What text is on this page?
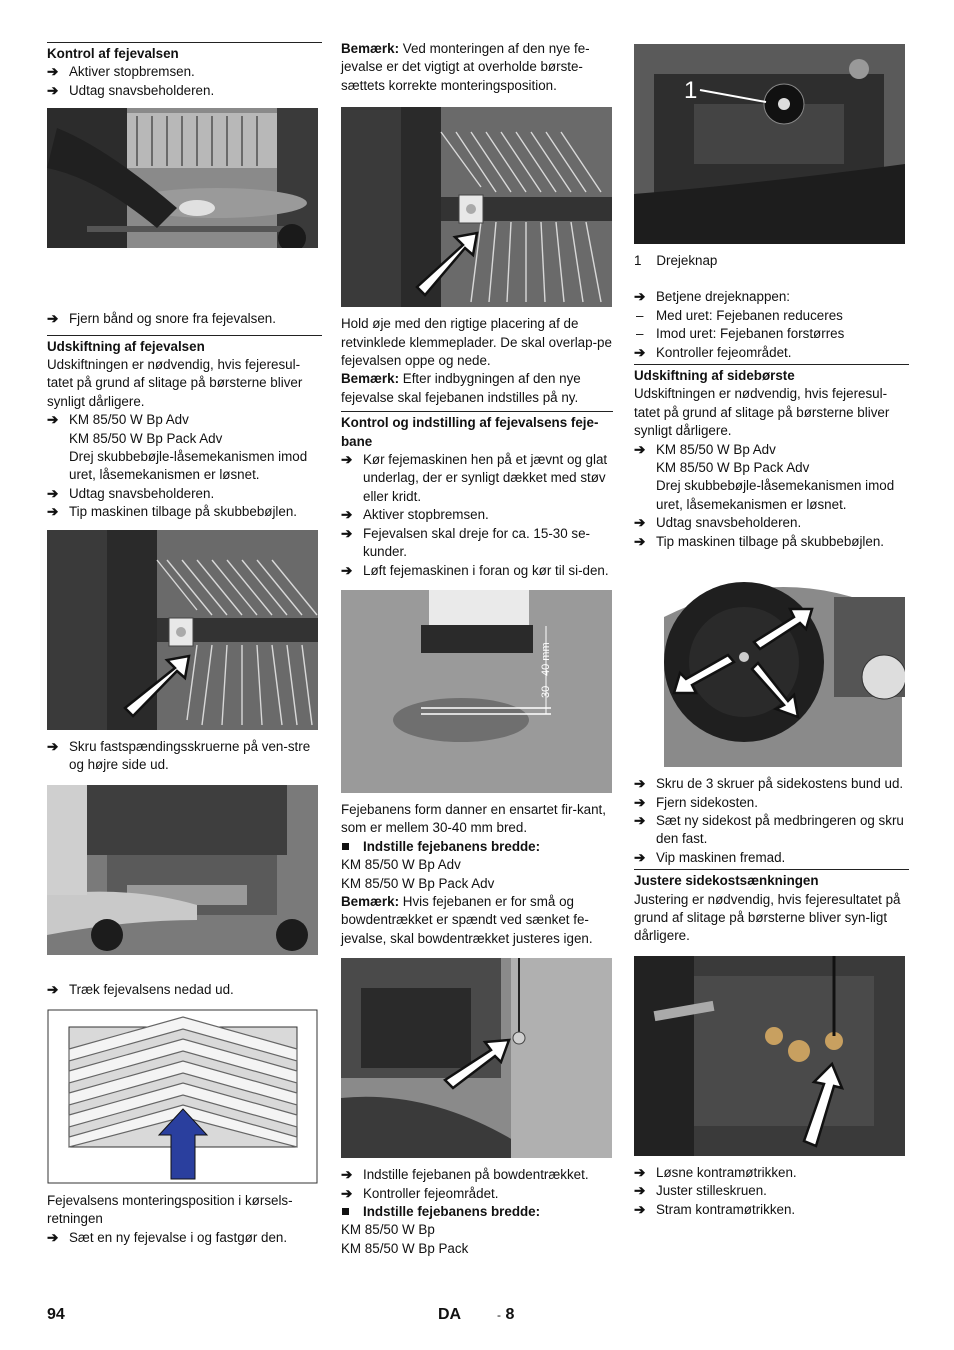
Kontrol af fejevalsen
➔ Aktiver stopbremsen.
➔ Udtag snavsbeholderen.
➔ Fjern bånd og snore fra fejevalsen.
Udskiftning af fejevalsen

Udskiftningen er nødvendig, hvis fejeresul-tatet på grund af slitage på børsterne bliver synligt dårligere.

➔ KM 85/50 W Bp Adv
KM 85/50 W Bp Pack Adv
Drej skubbebøjle-låsemekanismen imod uret, låsemekanismen er løsnet.
➔ Udtag snavsbeholderen.
➔ Tip maskinen tilbage på skubbebøjlen.
➔ Skru fastspændingsskruerne på ven-stre og højre side ud.
➔ Træk fejevalsens nedad ud.

Fejevalsens monteringsposition i kørsels-retningen

➔ Sæt en ny fejevalse i og fastgør den.

Bemærk: Ved monteringen af den nye fe-jevalse er det vigtigt at overholde børste-sættets korrekte monteringsposition.

Hold øje med den rigtige placering af de retvinklede klemmeplader. De skal overlap-pe fejevalsen oppe og nede.

Bemærk: Efter indbygningen af den nye fejevalse skal fejebanen indstilles på ny.

Kontrol og indstilling af fejevalsens feje-bane
➔ Kør fejemaskinen hen på et jævnt og glat underlag, der er synligt dækket med støv eller kridt.
➔ Aktiver stopbremsen.
➔ Fejevalsen skal dreje for ca. 15-30 se-kunder.
➔ Løft fejemaskinen i foran og kør til si-den.
30 - 40 mm

Fejebanens form danner en ensartet fir-kant, som er mellem 30-40 mm bred.

Indstille fejebanens bredde:
KM 85/50 W Bp Adv
KM 85/50 W Bp Pack Adv

Bemærk: Hvis fejebanen er for små og bowdentrækket er spændt ved sænket fe-jevalse, skal bowdentrækket justeres igen.

➔ Indstille fejebanen på bowdentrækket.
➔ Kontroller fejeområdet.
Indstille fejebanens bredde:
KM 85/50 W Bp
KM 85/50 W Bp Pack
1
1    Drejeknap
➔ Betjene drejeknappen:
– Med uret: Fejebanen reduceres
– Imod uret: Fejebanen forstørres
➔ Kontroller fejeområdet.
Udskiftning af sidebørste

Udskiftningen er nødvendig, hvis fejeresul-tatet på grund af slitage på børsterne bliver synligt dårligere.

➔ KM 85/50 W Bp Adv
KM 85/50 W Bp Pack Adv
Drej skubbebøjle-låsemekanismen imod uret, låsemekanismen er løsnet.
➔ Udtag snavsbeholderen.
➔ Tip maskinen tilbage på skubbebøjlen.
➔ Skru de 3 skruer på sidekostens bund ud.
➔ Fjern sidekosten.
➔ Sæt ny sidekost på medbringeren og skru den fast.
➔ Vip maskinen fremad.
Justere sidekostsænkningen

Justering er nødvendig, hvis fejeresultatet på grund af slitage på børsterne bliver syn-ligt dårligere.

➔ Løsne kontramøtrikken.
➔ Juster stilleskruen.
➔ Stram kontramøtrikken.
94	DA	- 8
